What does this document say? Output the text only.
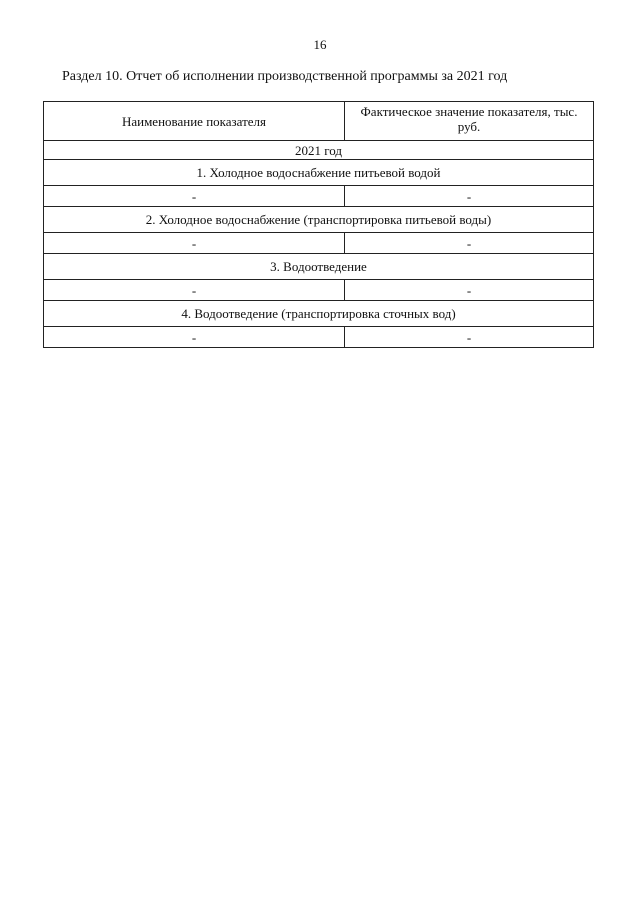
16
Раздел 10. Отчет об исполнении производственной программы за 2021 год
Наименование показателя	Фактическое значение показателя, тыс. руб.
2021 год	
1. Холодное водоснабжение питьевой водой	
-	-
2. Холодное водоснабжение (транспортировка питьевой воды)	
-	-
3. Водоотведение	
-	-
4. Водоотведение (транспортировка сточных вод)	
-	-
